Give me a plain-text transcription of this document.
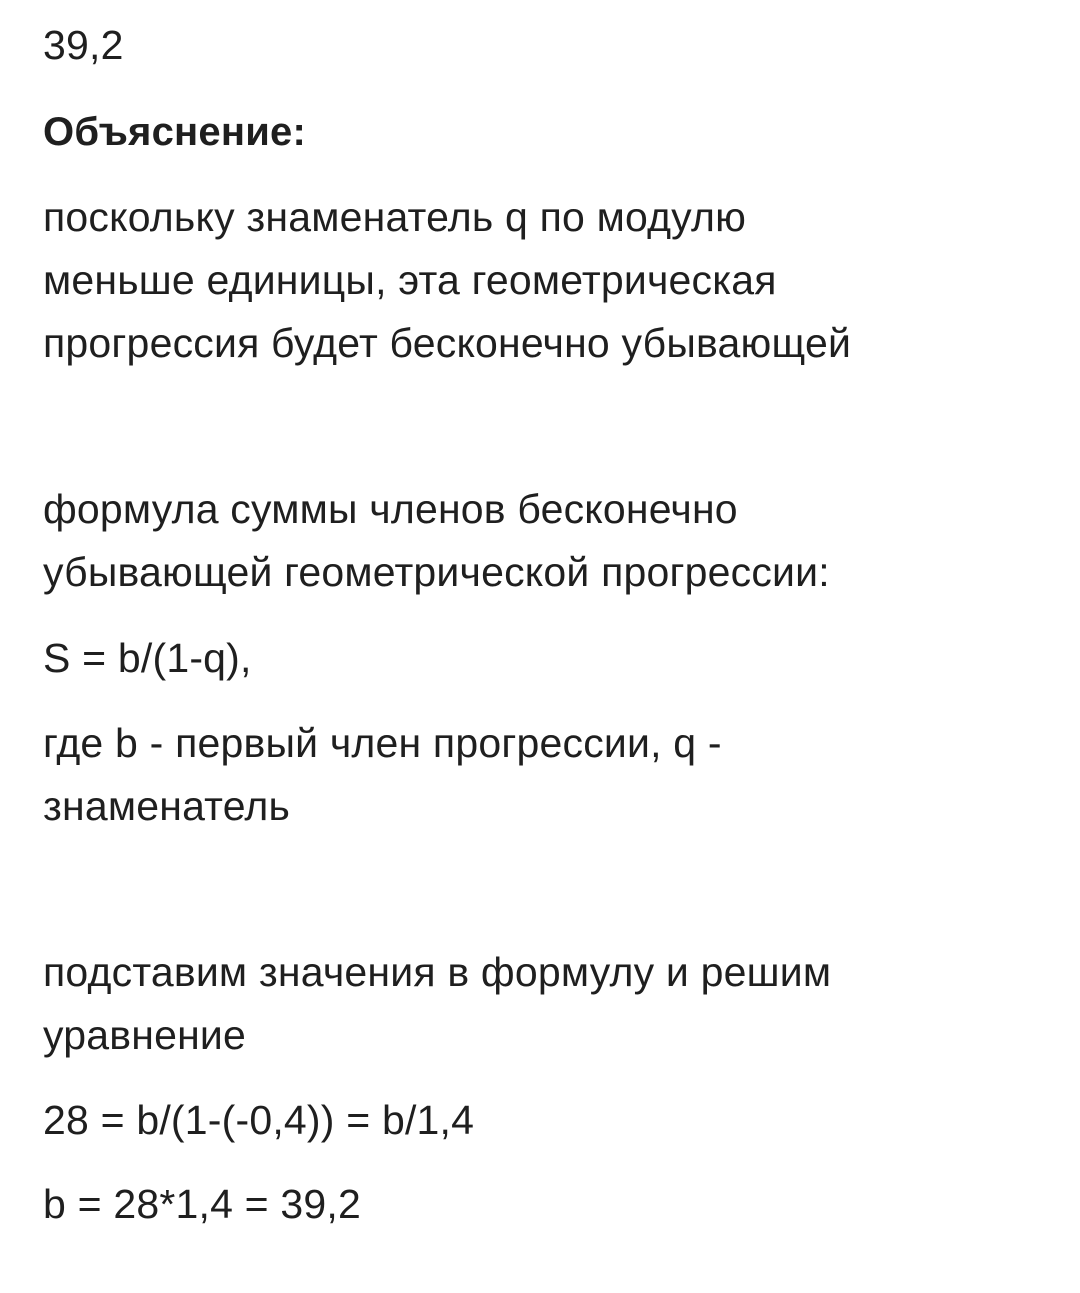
39,2
Объяснение:
поскольку знаменатель q по модулю
меньше единицы, эта геометрическая
прогрессия будет бесконечно убывающей
формула суммы членов бесконечно
убывающей геометрической прогрессии:
S = b/(1-q),
где b - первый член прогрессии, q -
знаменатель
подставим значения в формулу и решим
уравнение
28 = b/(1-(-0,4)) = b/1,4
b = 28*1,4 = 39,2
